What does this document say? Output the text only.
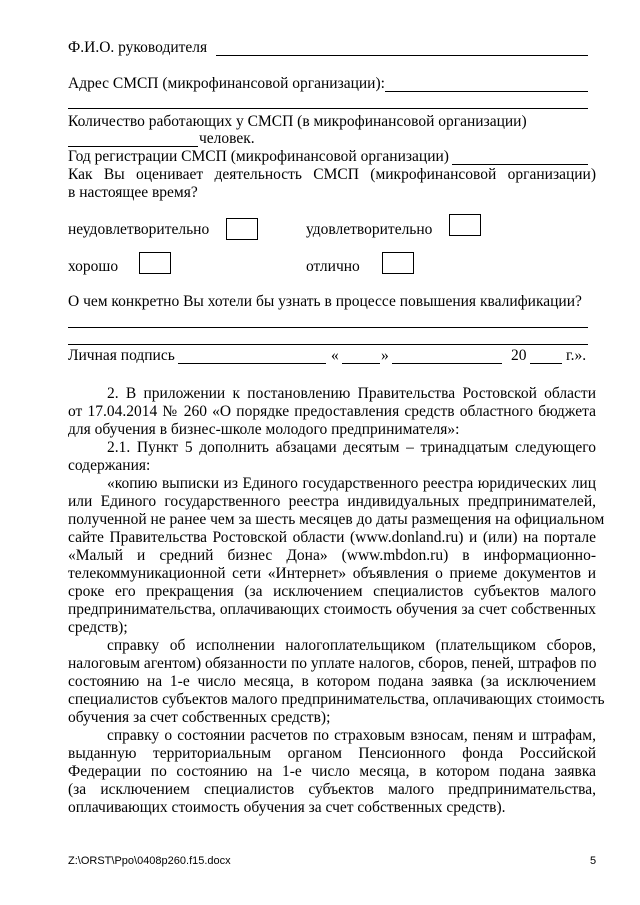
Ф.И.О. руководителя
Адрес СМСП (микрофинансовой организации):
Количество работающих у СМСП (в микрофинансовой организации)
человек.
Год регистрации СМСП (микрофинансовой организации)
Как Вы оценивает деятельность СМСП (микрофинансовой организации)
в настоящее время?
неудовлетворительно	удовлетворительно
хорошо	отлично
О чем конкретно Вы хотели бы узнать в процессе повышения квалификации?
Личная подпись	«	»	20	г.».
2. В приложении к постановлению Правительства Ростовской области
от 17.04.2014 № 260 «О порядке предоставления средств областного бюджета
для обучения в бизнес-школе молодого предпринимателя»:
2.1. Пункт 5 дополнить абзацами десятым – тринадцатым следующего
содержания:
«копию выписки из Единого государственного реестра юридических лиц
или Единого государственного реестра индивидуальных предпринимателей,
полученной не ранее чем за шесть месяцев до даты размещения на официальном
сайте Правительства Ростовской области (www.donland.ru) и (или) на портале
«Малый и средний бизнес Дона» (www.mbdon.ru) в информационно-
телекоммуникационной сети «Интернет» объявления о приеме документов и
сроке его прекращения (за исключением специалистов субъектов малого
предпринимательства, оплачивающих стоимость обучения за счет собственных
средств);
справку об исполнении налогоплательщиком (плательщиком сборов,
налоговым агентом) обязанности по уплате налогов, сборов, пеней, штрафов по
состоянию на 1-е число месяца, в котором подана заявка (за исключением
специалистов субъектов малого предпринимательства, оплачивающих стоимость
обучения за счет собственных средств);
справку о состоянии расчетов по страховым взносам, пеням и штрафам,
выданную территориальным органом Пенсионного фонда Российской
Федерации по состоянию на 1-е число месяца, в котором подана заявка
(за исключением специалистов субъектов малого предпринимательства,
оплачивающих стоимость обучения за счет собственных средств).
Z:\ORST\Ppo\0408p260.f15.docx	5
